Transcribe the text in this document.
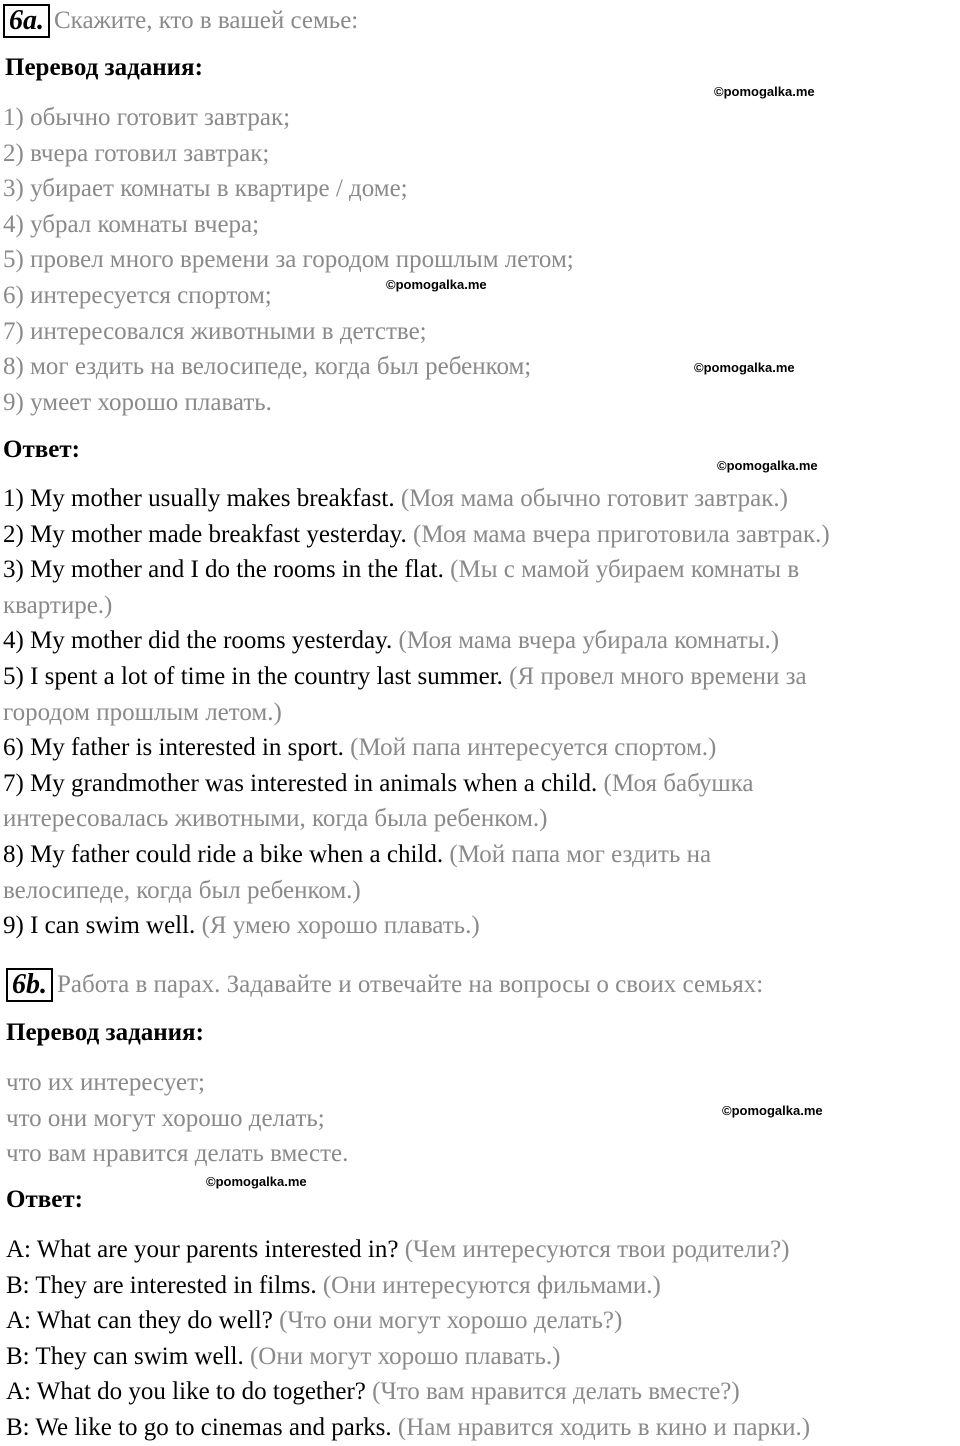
6a. Скажите, кто в вашей семье:
Перевод задания:
©pomogalka.me
1) обычно готовит завтрак;
2) вчера готовил завтрак;
3) убирает комнаты в квартире / доме;
4) убрал комнаты вчера;
5) провел много времени за городом прошлым летом;
6) интересуется спортом;
7) интересовался животными в детстве;
8) мог ездить на велосипеде, когда был ребенком;
9) умеет хорошо плавать.
©pomogalka.me
©pomogalka.me
Ответ:
©pomogalka.me
1) My mother usually makes breakfast. (Моя мама обычно готовит завтрак.)
2) My mother made breakfast yesterday. (Моя мама вчера приготовила завтрак.)
3) My mother and I do the rooms in the flat. (Мы с мамой убираем комнаты в
квартире.)
4) My mother did the rooms yesterday. (Моя мама вчера убирала комнаты.)
5) I spent a lot of time in the country last summer. (Я провел много времени за
городом прошлым летом.)
6) My father is interested in sport. (Мой папа интересуется спортом.)
7) My grandmother was interested in animals when a child. (Моя бабушка
интересовалась животными, когда была ребенком.)
8) My father could ride a bike when a child. (Мой папа мог ездить на
велосипеде, когда был ребенком.)
9) I can swim well. (Я умею хорошо плавать.)
6b. Работа в парах. Задавайте и отвечайте на вопросы о своих семьях:
Перевод задания:
что их интересует;
что они могут хорошо делать;
что вам нравится делать вместе.
©pomogalka.me
Ответ:
©pomogalka.me
A: What are your parents interested in? (Чем интересуются твои родители?)
B: They are interested in films. (Они интересуются фильмами.)
A: What can they do well? (Что они могут хорошо делать?)
B: They can swim well. (Они могут хорошо плавать.)
A: What do you like to do together? (Что вам нравится делать вместе?)
B: We like to go to cinemas and parks. (Нам нравится ходить в кино и парки.)
